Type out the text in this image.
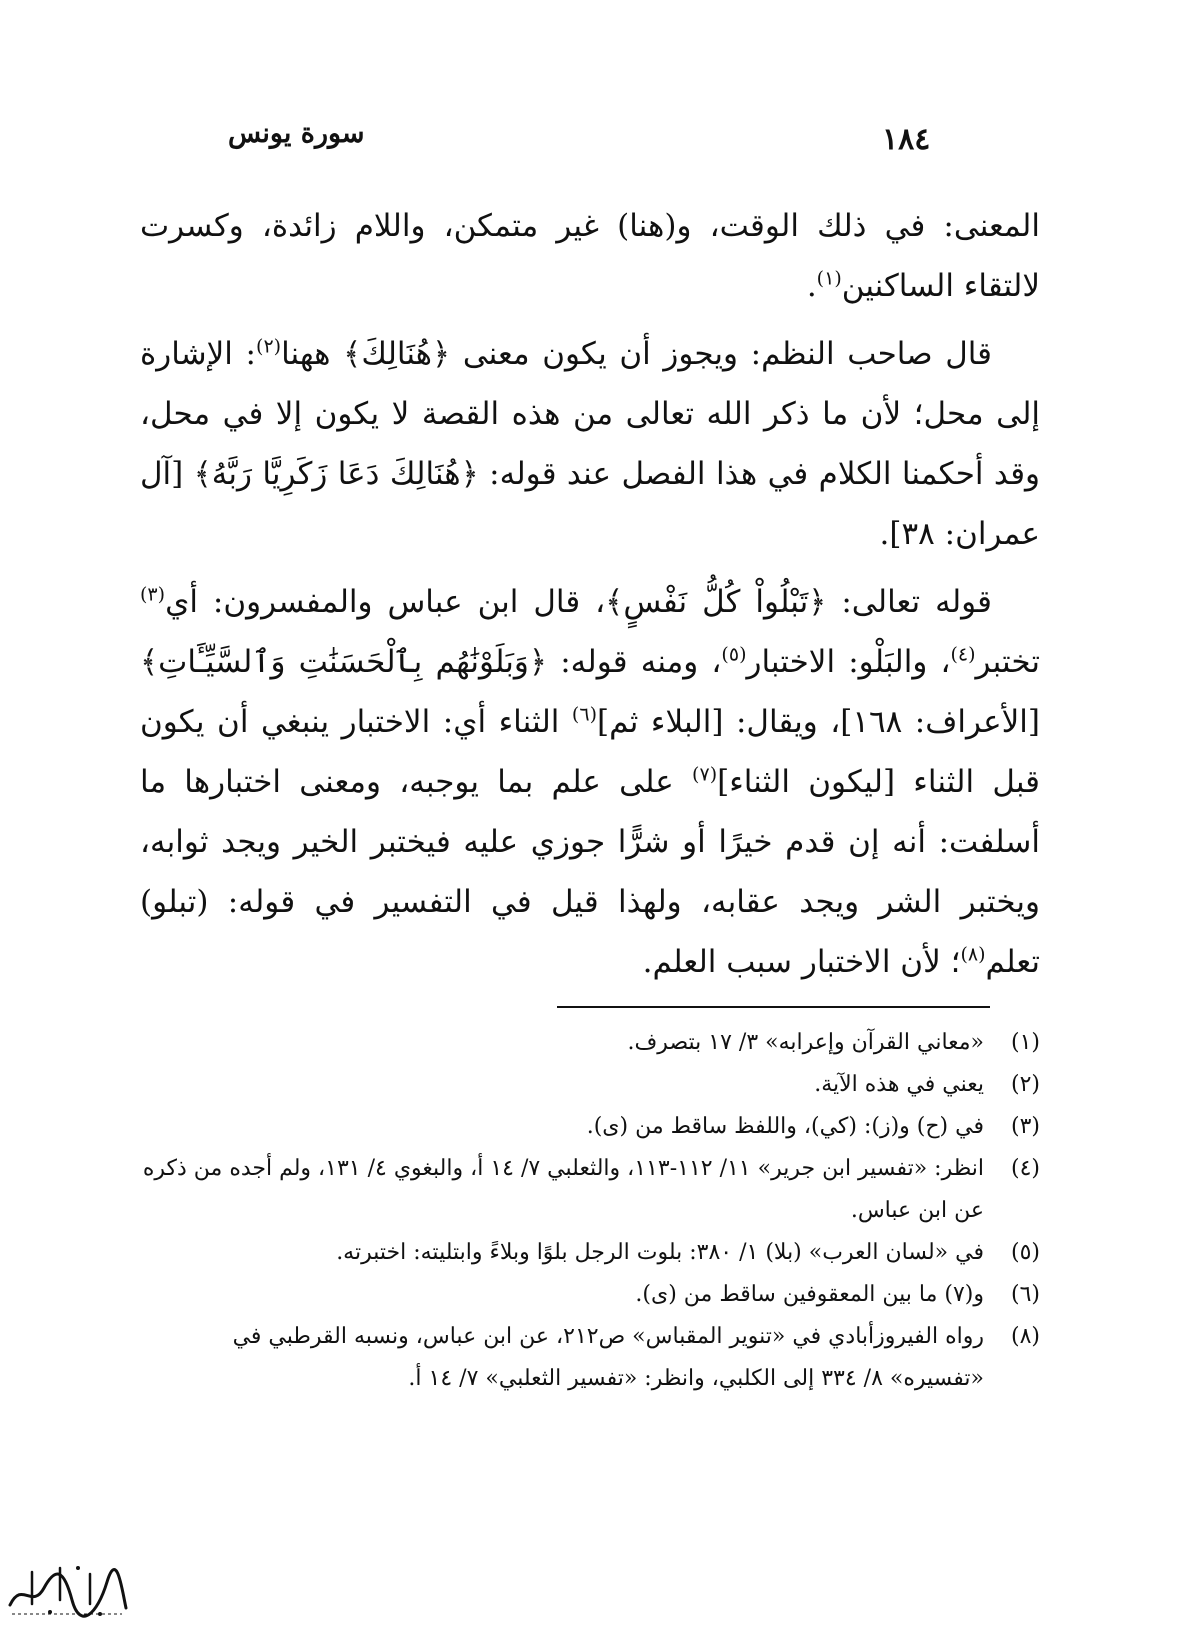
سورة يونس	١٨٤

المعنى: في ذلك الوقت، و(هنا) غير متمكن، واللام زائدة، وكسرت لالتقاء الساكنين$^{(١)}$.

قال صاحب النظم: ويجوز أن يكون معنى ﴿هُنَالِكَ﴾ ههنا$^{(٢)}$: الإشارة إلى محل؛ لأن ما ذكر الله تعالى من هذه القصة لا يكون إلا في محل، وقد أحكمنا الكلام في هذا الفصل عند قوله: ﴿هُنَالِكَ دَعَا زَكَرِيَّا رَبَّهُ﴾ [آل عمران: ٣٨].

قوله تعالى: ﴿تَبْلُواْ كُلُّ نَفْسٍ﴾، قال ابن عباس والمفسرون: أي$^{(٣)}$ تختبر$^{(٤)}$، والبَلْو: الاختبار$^{(٥)}$، ومنه قوله: ﴿وَبَلَوْنَٰهُم بِٱلْحَسَنَٰتِ وَٱلسَّيِّـَٔاتِ﴾ [الأعراف: ١٦٨]، ويقال: [البلاء ثم]$^{(٦)}$ الثناء أي: الاختبار ينبغي أن يكون قبل الثناء [ليكون الثناء]$^{(٧)}$ على علم بما يوجبه، ومعنى اختبارها ما أسلفت: أنه إن قدم خيرًا أو شرًّا جوزي عليه فيختبر الخير ويجد ثوابه، ويختبر الشر ويجد عقابه، ولهذا قيل في التفسير في قوله: (تبلو) تعلم$^{(٨)}$؛ لأن الاختبار سبب العلم.

(١)
«معاني القرآن وإعرابه» ٣/ ١٧ بتصرف.
(٢)
يعني في هذه الآية.
(٣)
في (ح) و(ز): (كي)، واللفظ ساقط من (ى).
(٤)
انظر: «تفسير ابن جرير» ١١/ ١١٢-١١٣، والثعلبي ٧/ ١٤ أ، والبغوي ٤/ ١٣١، ولم أجده من ذكره عن ابن عباس.
(٥)
في «لسان العرب» (بلا) ١/ ٣٨٠: بلوت الرجل بلوًا وبلاءً وابتليته: اختبرته.
(٦)
و(٧) ما بين المعقوفين ساقط من (ى).
(٨)
رواه الفيروزأبادي في «تنوير المقباس» ص٢١٢، عن ابن عباس، ونسبه القرطبي في «تفسيره» ٨/ ٣٣٤ إلى الكلبي، وانظر: «تفسير الثعلبي» ٧/ ١٤ أ.
